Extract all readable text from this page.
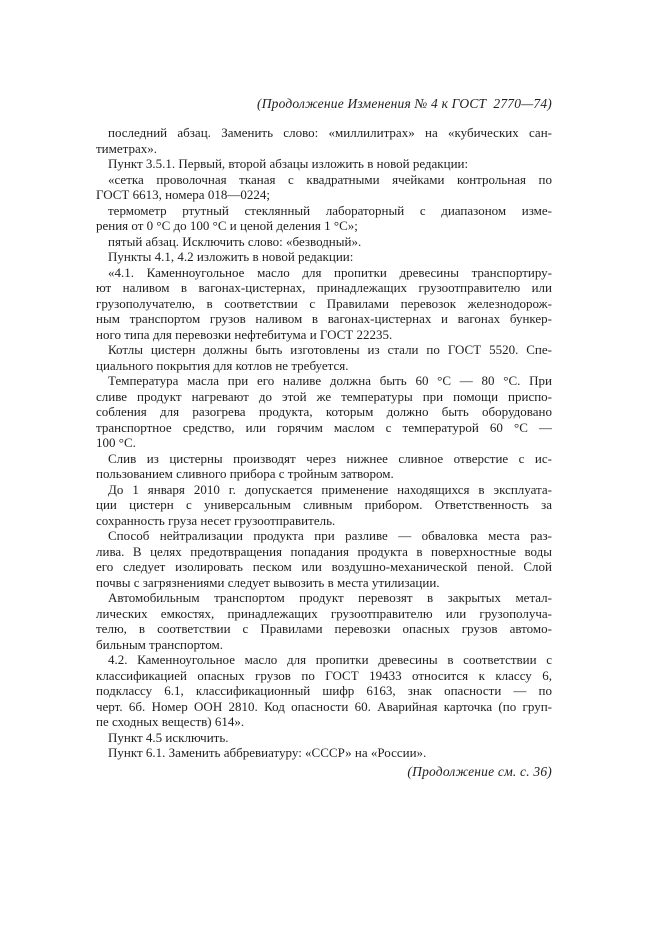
(Продолжение Изменения № 4 к ГОСТ  2770—74)

последний абзац. Заменить слово: «миллилитрах» на «кубических сан-
тиметрах».

Пункт 3.5.1. Первый, второй абзацы изложить в новой редакции:

«сетка проволочная тканая с квадратными ячейками контрольная по
ГОСТ 6613, номера 018—0224;

термометр ртутный стеклянный лабораторный с диапазоном изме-
рения от 0 °С до 100 °С и ценой деления 1 °С»;

пятый абзац. Исключить слово: «безводный».

Пункты 4.1, 4.2 изложить в новой редакции:

«4.1. Каменноугольное масло для пропитки древесины транспортиру-
ют наливом в вагонах-цистернах, принадлежащих грузоотправителю или
грузополучателю, в соответствии с Правилами перевозок железнодорож-
ным транспортом грузов наливом в вагонах-цистернах и вагонах бункер-
ного типа для перевозки нефтебитума и ГОСТ 22235.

Котлы цистерн должны быть изготовлены из стали по ГОСТ 5520. Спе-
циального покрытия для котлов не требуется.

Температура масла при его наливе должна быть 60 °С — 80 °С. При
сливе продукт нагревают до этой же температуры при помощи приспо-
собления для разогрева продукта, которым должно быть оборудовано
транспортное средство, или горячим маслом с температурой 60 °С —
100 °С.

Слив из цистерны производят через нижнее сливное отверстие с ис-
пользованием сливного прибора с тройным затвором.

До 1 января 2010 г. допускается применение находящихся в эксплуата-
ции цистерн с универсальным сливным прибором. Ответственность за
сохранность груза несет грузоотправитель.

Способ нейтрализации продукта при разливе — обваловка места раз-
лива. В целях предотвращения попадания продукта в поверхностные воды
его следует изолировать песком или воздушно-механической пеной. Слой
почвы с загрязнениями следует вывозить в места утилизации.

Автомобильным транспортом продукт перевозят в закрытых метал-
лических емкостях, принадлежащих грузоотправителю или грузополуча-
телю, в соответствии с Правилами перевозки опасных грузов автомо-
бильным транспортом.

4.2. Каменноугольное масло для пропитки древесины в соответствии с
классификацией опасных грузов по ГОСТ 19433 относится к классу 6,
подклассу 6.1, классификационный шифр 6163, знак опасности — по
черт. 6б. Номер ООН 2810. Код опасности 60. Аварийная карточка (по груп-
пе сходных веществ) 614».

Пункт 4.5 исключить.

Пункт 6.1. Заменить аббревиатуру: «СССР» на «России».

(Продолжение см. с. 36)
